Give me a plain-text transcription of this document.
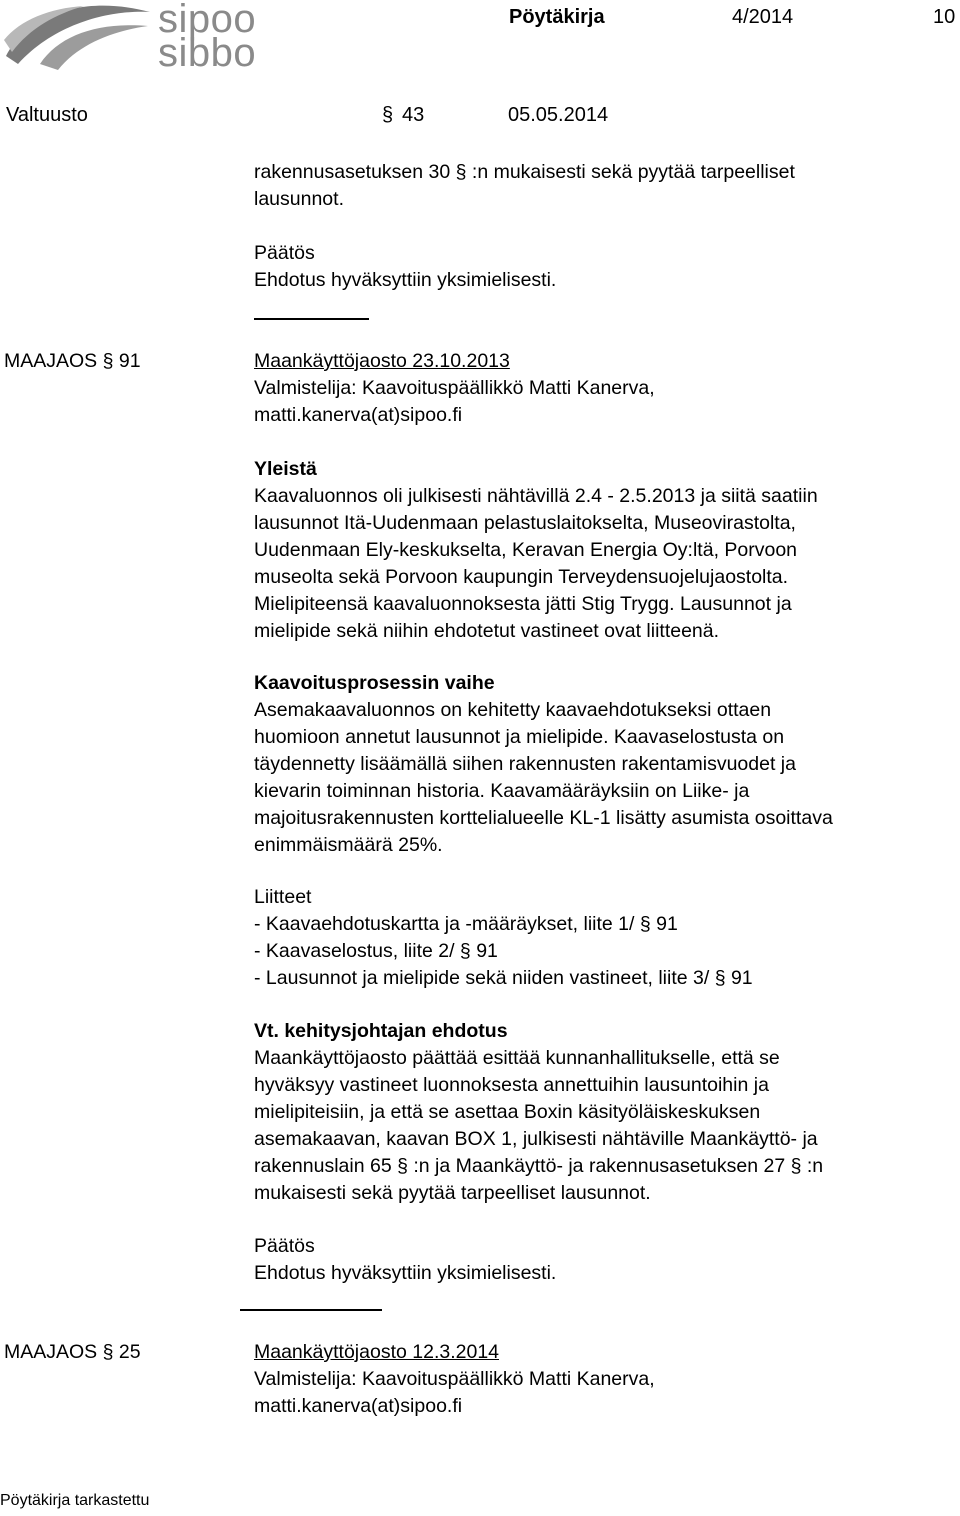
sipoo
sibbo
Pöytäkirja	4/2014	10
Valtuusto	§ 43	05.05.2014
rakennusasetuksen 30 § :n mukaisesti sekä pyytää tarpeelliset
lausunnot.
Päätös
Ehdotus hyväksyttiin yksimielisesti.
MAAJAOS § 91	Maankäyttöjaosto 23.10.2013
Valmistelija: Kaavoituspäällikkö Matti Kanerva,
matti.kanerva(at)sipoo.fi
Yleistä
Kaavaluonnos oli julkisesti nähtävillä 2.4 - 2.5.2013 ja siitä saatiin
lausunnot Itä-Uudenmaan pelastuslaitokselta, Museovirastolta,
Uudenmaan Ely-keskukselta, Keravan Energia Oy:ltä, Porvoon
museolta sekä Porvoon kaupungin Terveydensuojelujaostolta.
Mielipiteensä kaavaluonnoksesta jätti Stig Trygg. Lausunnot ja
mielipide sekä niihin ehdotetut vastineet ovat liitteenä.
Kaavoitusprosessin vaihe
Asemakaavaluonnos on kehitetty kaavaehdotukseksi ottaen
huomioon annetut lausunnot ja mielipide. Kaavaselostusta on
täydennetty lisäämällä siihen rakennusten rakentamisvuodet ja
kievarin toiminnan historia. Kaavamääräyksiin on Liike- ja
majoitusrakennusten korttelialueelle KL-1 lisätty asumista osoittava
enimmäismäärä 25%.
Liitteet
- Kaavaehdotuskartta ja -määräykset, liite 1/ § 91
- Kaavaselostus, liite 2/ § 91
- Lausunnot ja mielipide sekä niiden vastineet, liite 3/ § 91
Vt. kehitysjohtajan ehdotus
Maankäyttöjaosto päättää esittää kunnanhallitukselle, että se
hyväksyy vastineet luonnoksesta annettuihin lausuntoihin ja
mielipiteisiin, ja että se asettaa Boxin käsityöläiskeskuksen
asemakaavan, kaavan BOX 1, julkisesti nähtäville Maankäyttö- ja
rakennuslain 65 § :n ja Maankäyttö- ja rakennusasetuksen 27 § :n
mukaisesti sekä pyytää tarpeelliset lausunnot.
Päätös
Ehdotus hyväksyttiin yksimielisesti.
MAAJAOS § 25	Maankäyttöjaosto 12.3.2014
Valmistelija: Kaavoituspäällikkö Matti Kanerva,
matti.kanerva(at)sipoo.fi
Pöytäkirja tarkastettu
